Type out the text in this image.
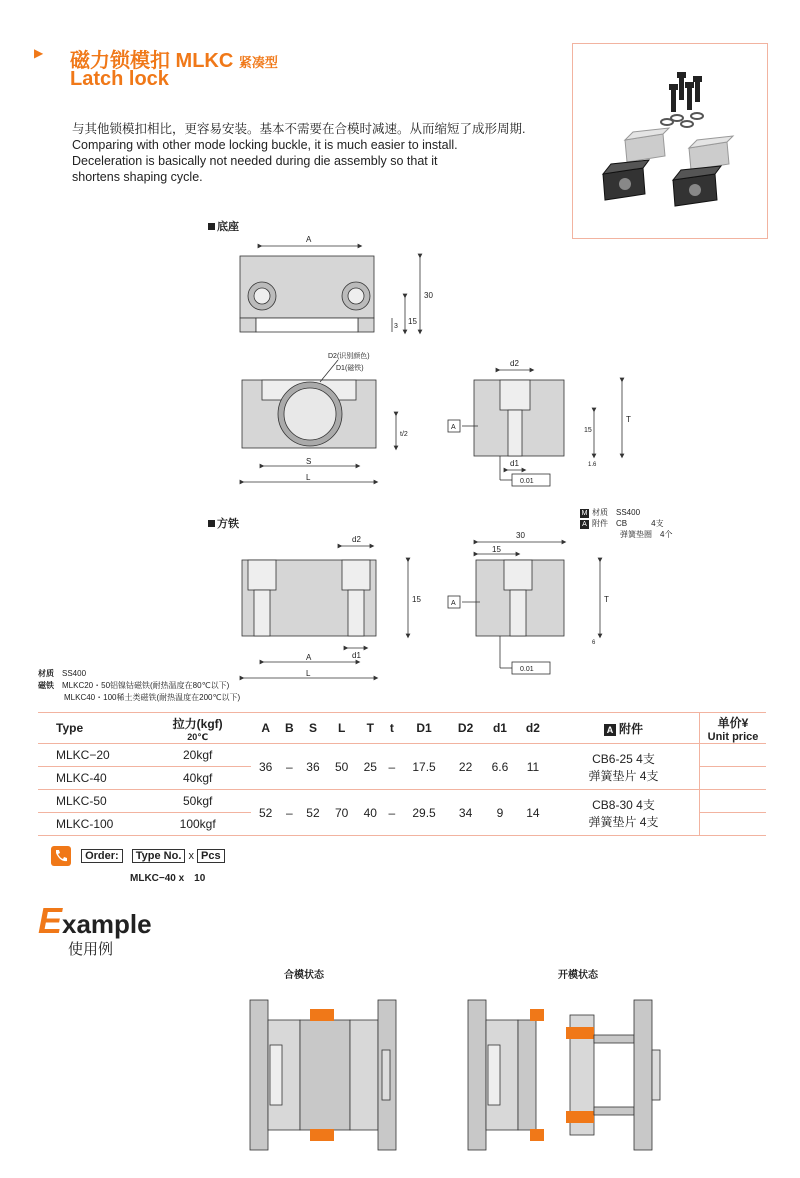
▶ 磁力锁模扣 MLKC 紧凑型
Latch lock
与其他锁模扣相比，更容易安装。基本不需要在合模时减速。从而缩短了成形周期.
Comparing with other mode locking buckle, it is much easier to install.
Deceleration is basically not needed during die assembly so that it
shortens shaping cycle.
底座
方铁
A
30
15
3
D2(识别颜色)
D1(磁铁)
S
L
t/2
d2
d1
T
15
0.01
A
1.6
d2
d1
A
L
15
30
15
T
0.01
A
6
M 材质　 SS400
A 附件　 CB　　　	4支
弹簧垫圈　 4个
材质　 SS400
磁铁　 MLKC20・50铝镍钴磁铁(耐热温度在80℃以下)
MLKC40・100稀土类磁铁(耐热温度在200℃以下)
Type	拉力(kgf)
20℃	A	B	S	L	T	t	D1	D2	d1	d2	A 附件	单价¥
Unit price

MLKC−20	20kgf	36	–	36	50	25	–	17.5	22	6.6	11	CB6-25 4支
弹簧垫片 4支	

MLKC-40	40kgf												
MLKC-50	50kgf	52	–	52	70	40	–	29.5	34	9	14	CB8-30 4支
弹簧垫片 4支	

MLKC-100	100kgf												
Order: Type No. x Pcs
MLKC−40 x　10
Example
使用例
合模状态	开模状态
